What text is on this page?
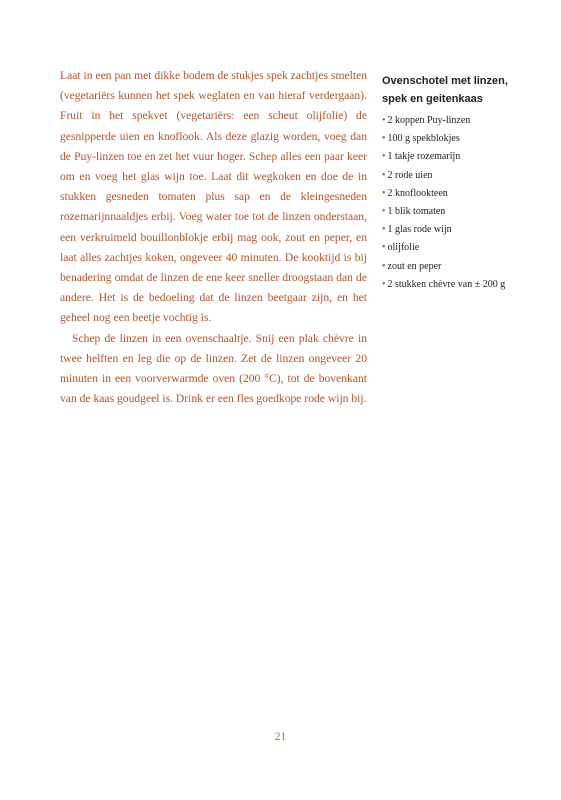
Laat in een pan met dikke bodem de stukjes spek zachtjes smelten (vegetariërs kunnen het spek weglaten en van hieraf verdergaan). Fruit in het spekvet (vegetariërs: een scheut olijfolie) de gesnipperde uien en knoflook. Als deze glazig worden, voeg dan de Puy-linzen toe en zet het vuur hoger. Schep alles een paar keer om en voeg het glas wijn toe. Laat dit wegkoken en doe de in stukken gesneden tomaten plus sap en de kleingesneden rozemarijnnaaldjes erbij. Voeg water toe tot de linzen onderstaan, een verkruimeld bouillonblokje erbij mag ook, zout en peper, en laat alles zachtjes koken, ongeveer 40 minuten. De kooktijd is bij benadering omdat de linzen de ene keer sneller droogstaan dan de andere. Het is de bedoeling dat de linzen beetgaar zijn, en het geheel nog een beetje vochtig is.

Schep de linzen in een ovenschaaltje. Snij een plak chèvre in twee helften en leg die op de linzen. Zet de linzen ongeveer 20 minuten in een voorverwarmde oven (200 °C), tot de bovenkant van de kaas goudgeel is. Drink er een fles goedkope rode wijn bij.

Ovenschotel met linzen,
spek en geitenkaas
• 2 koppen Puy-linzen
• 100 g spekblokjes
• 1 takje rozemarijn
• 2 rode uien
• 2 knoflookteen
• 1 blik tomaten
• 1 glas rode wijn
• olijfolie
• zout en peper
• 2 stukken chèvre van ± 200 g

21
